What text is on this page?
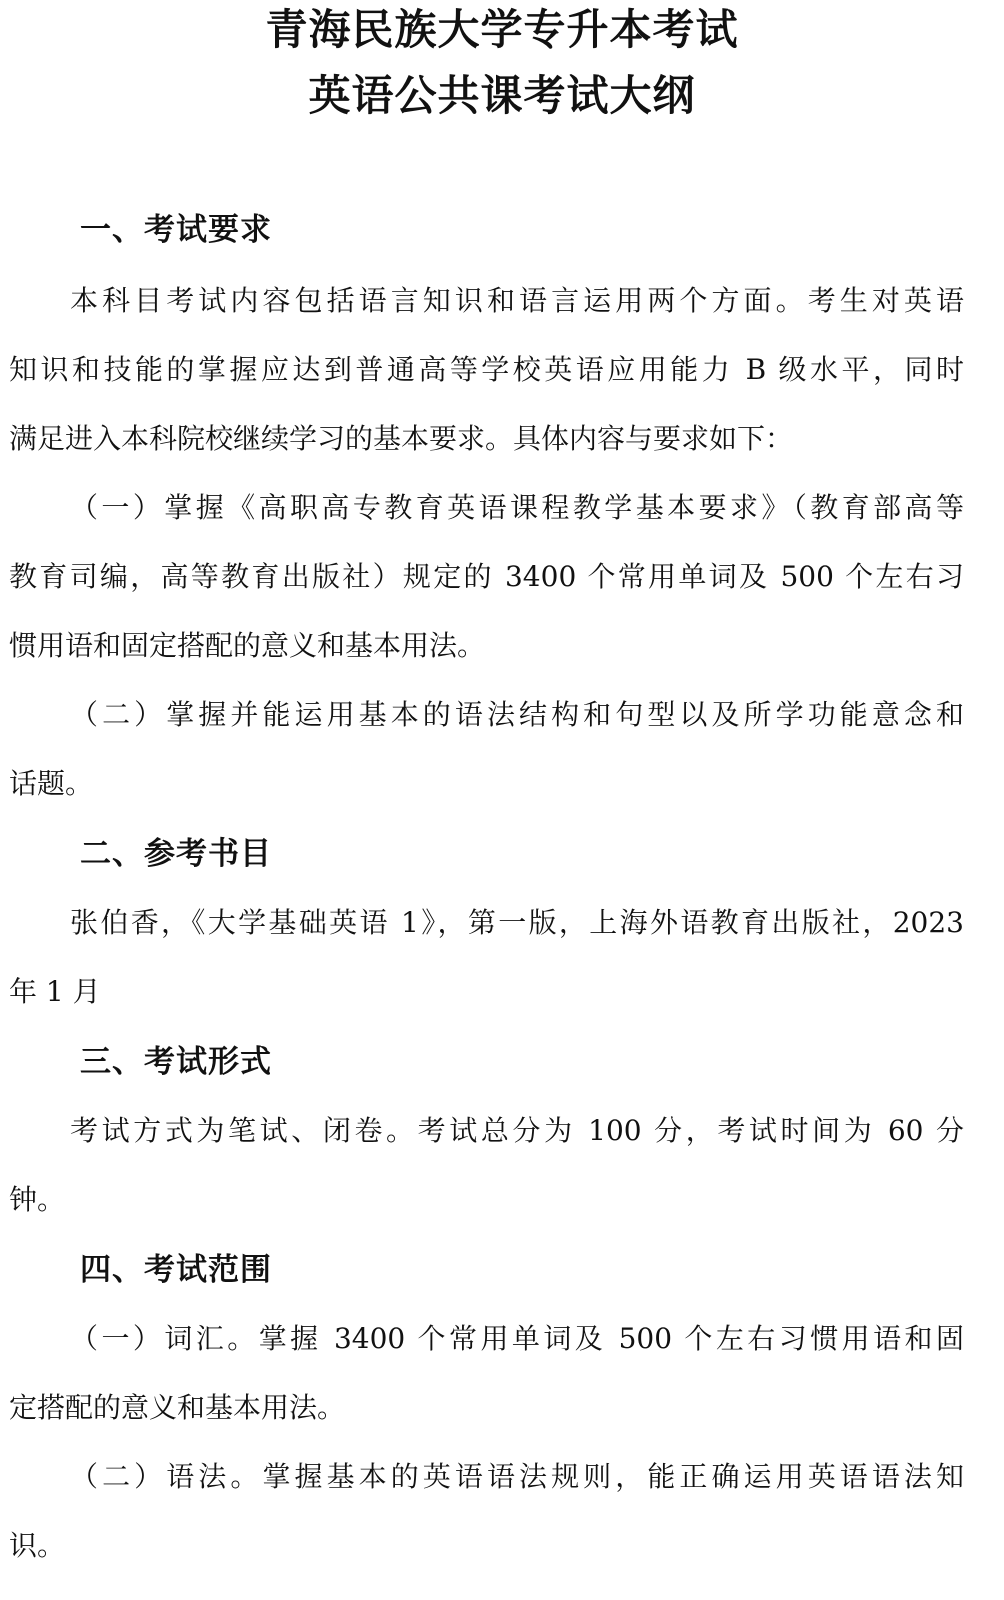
青海民族大学专升本考试
英语公共课考试大纲
一、考试要求
本科目考试内容包括语言知识和语言运用两个方面。考生对英语
知识和技能的掌握应达到普通高等学校英语应用能力 B 级水平，同时
满足进入本科院校继续学习的基本要求。具体内容与要求如下：
（一）掌握《高职高专教育英语课程教学基本要求》（教育部高等
教育司编，高等教育出版社）规定的 3400 个常用单词及 500 个左右习
惯用语和固定搭配的意义和基本用法。
（二）掌握并能运用基本的语法结构和句型以及所学功能意念和
话题。
二、参考书目
张伯香，《大学基础英语 1》，第一版，上海外语教育出版社，2023
年 1 月
三、考试形式
考试方式为笔试、闭卷。考试总分为 100 分，考试时间为 60 分
钟。
四、考试范围
（一）词汇。掌握 3400 个常用单词及 500 个左右习惯用语和固
定搭配的意义和基本用法。
（二）语法。掌握基本的英语语法规则，能正确运用英语语法知
识。
